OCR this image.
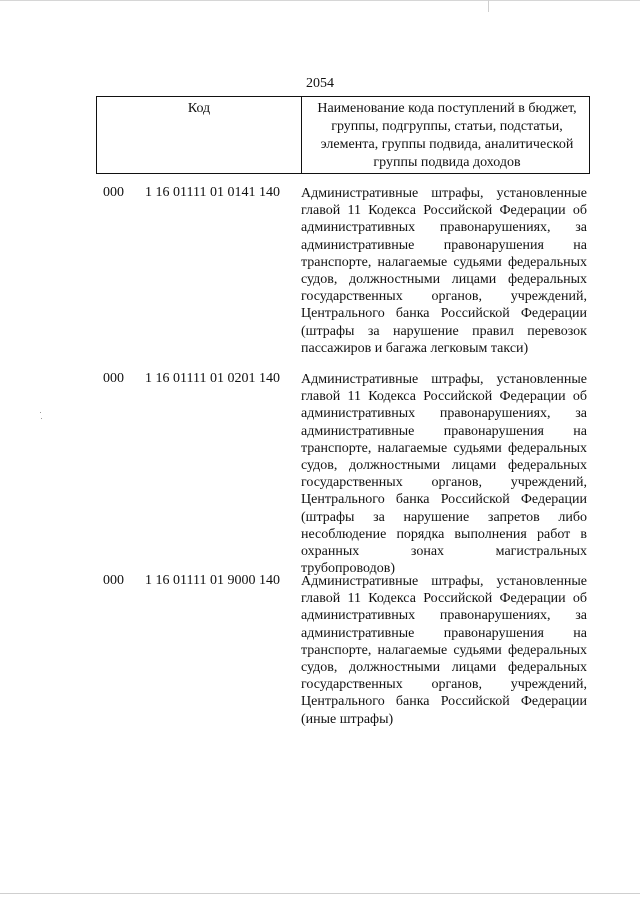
2054
Код	Наименование кода поступлений в бюджет, группы, подгруппы, статьи, подстатьи, элемента, группы подвида, аналитической группы подвида доходов
000 1 16 01111 01 0141 140 Административные штрафы, установленные главой 11 Кодекса Российской Федерации об административных правонарушениях, за административные правонарушения на транспорте, налагаемые судьями федеральных судов, должностными лицами федеральных государственных органов, учреждений, Центрального банка Российской Федерации (штрафы за нарушение правил перевозок пассажиров и багажа легковым такси)
000 1 16 01111 01 0201 140 Административные штрафы, установленные главой 11 Кодекса Российской Федерации об административных правонарушениях, за административные правонарушения на транспорте, налагаемые судьями федеральных судов, должностными лицами федеральных государственных органов, учреждений, Центрального банка Российской Федерации (штрафы за нарушение запретов либо несоблюдение порядка выполнения работ в охранных зонах магистральных трубопроводов)
000 1 16 01111 01 9000 140 Административные штрафы, установленные главой 11 Кодекса Российской Федерации об административных правонарушениях, за административные правонарушения на транспорте, налагаемые судьями федеральных судов, должностными лицами федеральных государственных органов, учреждений, Центрального банка Российской Федерации (иные штрафы)
